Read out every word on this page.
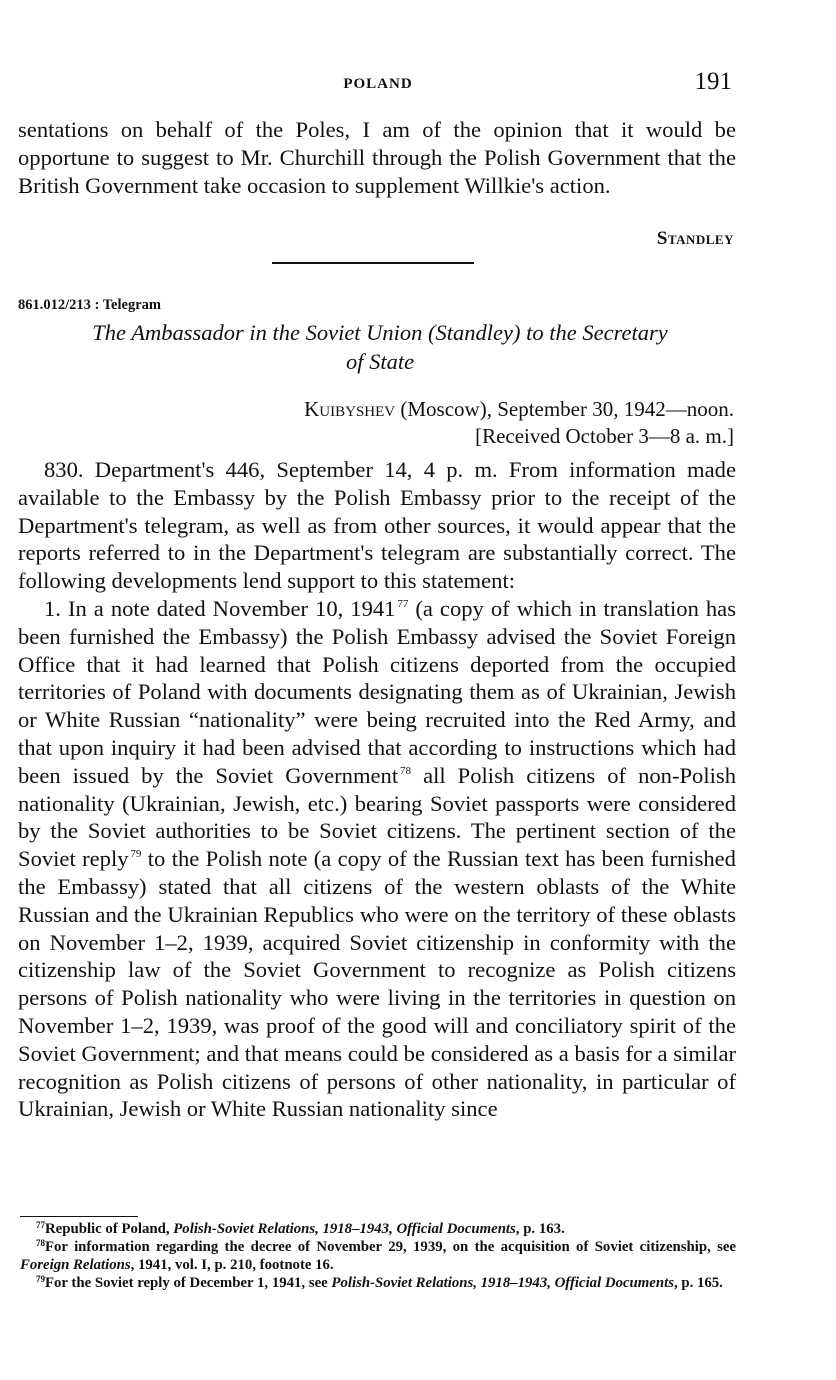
POLAND	191

sentations on behalf of the Poles, I am of the opinion that it would be opportune to suggest to Mr. Churchill through the Polish Government that the British Government take occasion to supplement Willkie's action.

Standley
861.012/213 : Telegram
The Ambassador in the Soviet Union (Standley) to the Secretary
of State
Kuibyshev (Moscow), September 30, 1942—noon.
[Received October 3—8 a. m.]

830. Department's 446, September 14, 4 p. m. From information made available to the Embassy by the Polish Embassy prior to the receipt of the Department's telegram, as well as from other sources, it would appear that the reports referred to in the Department's telegram are substantially correct. The following developments lend support to this statement:

1. In a note dated November 10, 1941  $^{77}$ (a copy of which in translation has been furnished the Embassy) the Polish Embassy advised the Soviet Foreign Office that it had learned that Polish citizens deported from the occupied territories of Poland with documents designating them as of Ukrainian, Jewish or White Russian “nationality” were being recruited into the Red Army, and that upon inquiry it had been advised that according to instructions which had been issued by the Soviet Government  $^{78}$ all Polish citizens of non-Polish nationality (Ukrainian, Jewish, etc.) bearing Soviet passports were considered by the Soviet authorities to be Soviet citizens. The pertinent section of the Soviet reply  $^{79}$ to the Polish note (a copy of the Russian text has been furnished the Embassy) stated that all citizens of the western oblasts of the White Russian and the Ukrainian Republics who were on the territory of these oblasts on November 1–2, 1939, acquired Soviet citizenship in conformity with the citizenship law of the Soviet Government to recognize as Polish citizens persons of Polish nationality who were living in the territories in question on November 1–2, 1939, was proof of the good will and conciliatory spirit of the Soviet Government; and that means could be considered as a basis for a similar recognition as Polish citizens of persons of other nationality, in particular of Ukrainian, Jewish or White Russian nationality since

$^{77}$Republic of Poland, Polish-Soviet Relations, 1918–1943, Official Documents, p. 163.

$^{78}$For information regarding the decree of November 29, 1939, on the acquisition of Soviet citizenship, see Foreign Relations, 1941, vol. I, p. 210, footnote 16.

$^{79}$For the Soviet reply of December 1, 1941, see Polish-Soviet Relations, 1918–1943, Official Documents, p. 165.
